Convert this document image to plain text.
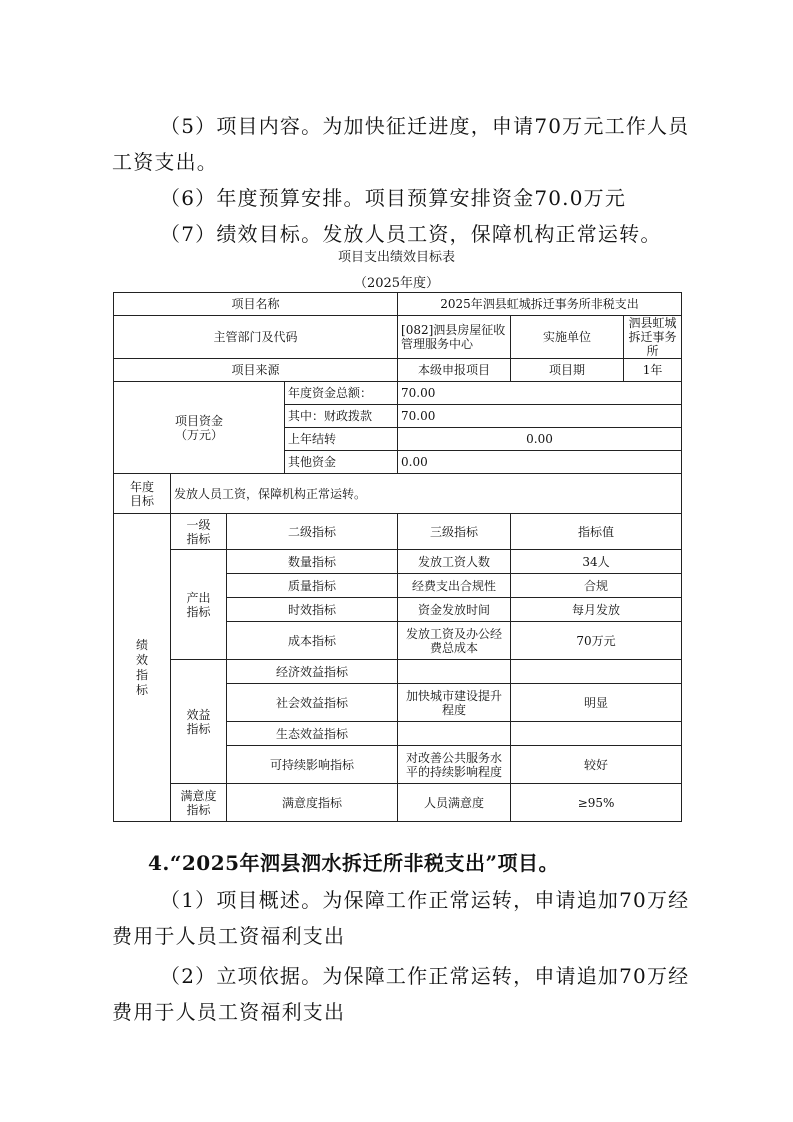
（5）项目内容。为加快征迁进度，申请70万元工作人员

工资支出。

（6）年度预算安排。项目预算安排资金70.0万元

（7）绩效目标。发放人员工资，保障机构正常运转。

项目支出绩效目标表

（2025年度）

项目名称				2025年泗县虹城拆迁事务所非税支出		
主管部门及代码				[082]泗县房屋征收管理服务中心	实施单位	泗县虹城拆迁事务所
项目来源				本级申报项目	项目期	1年
项目资金（万元）			年度资金总额：	70.00		
			其中：财政拨款	70.00		
			上年结转	0.00		
			其他资金	0.00		
年度目标	发放人员工资，保障机构正常运转。					
绩效指标	一级指标	二级指标		三级指标	指标值	
	产出指标	数量指标		发放工资人数	34人	
		质量指标		经费支出合规性	合规	
		时效指标		资金发放时间	每月发放	
		成本指标		发放工资及办公经费总成本	70万元	
	效益指标	经济效益指标				
		社会效益指标		加快城市建设提升程度	明显	
		生态效益指标				
		可持续影响指标		对改善公共服务水平的持续影响程度	较好	
	满意度指标	满意度指标		人员满意度	≥95%	

4.“2025年泗县泗水拆迁所非税支出”项目。

（1）项目概述。为保障工作正常运转，申请追加70万经

费用于人员工资福利支出

（2）立项依据。为保障工作正常运转，申请追加70万经

费用于人员工资福利支出
